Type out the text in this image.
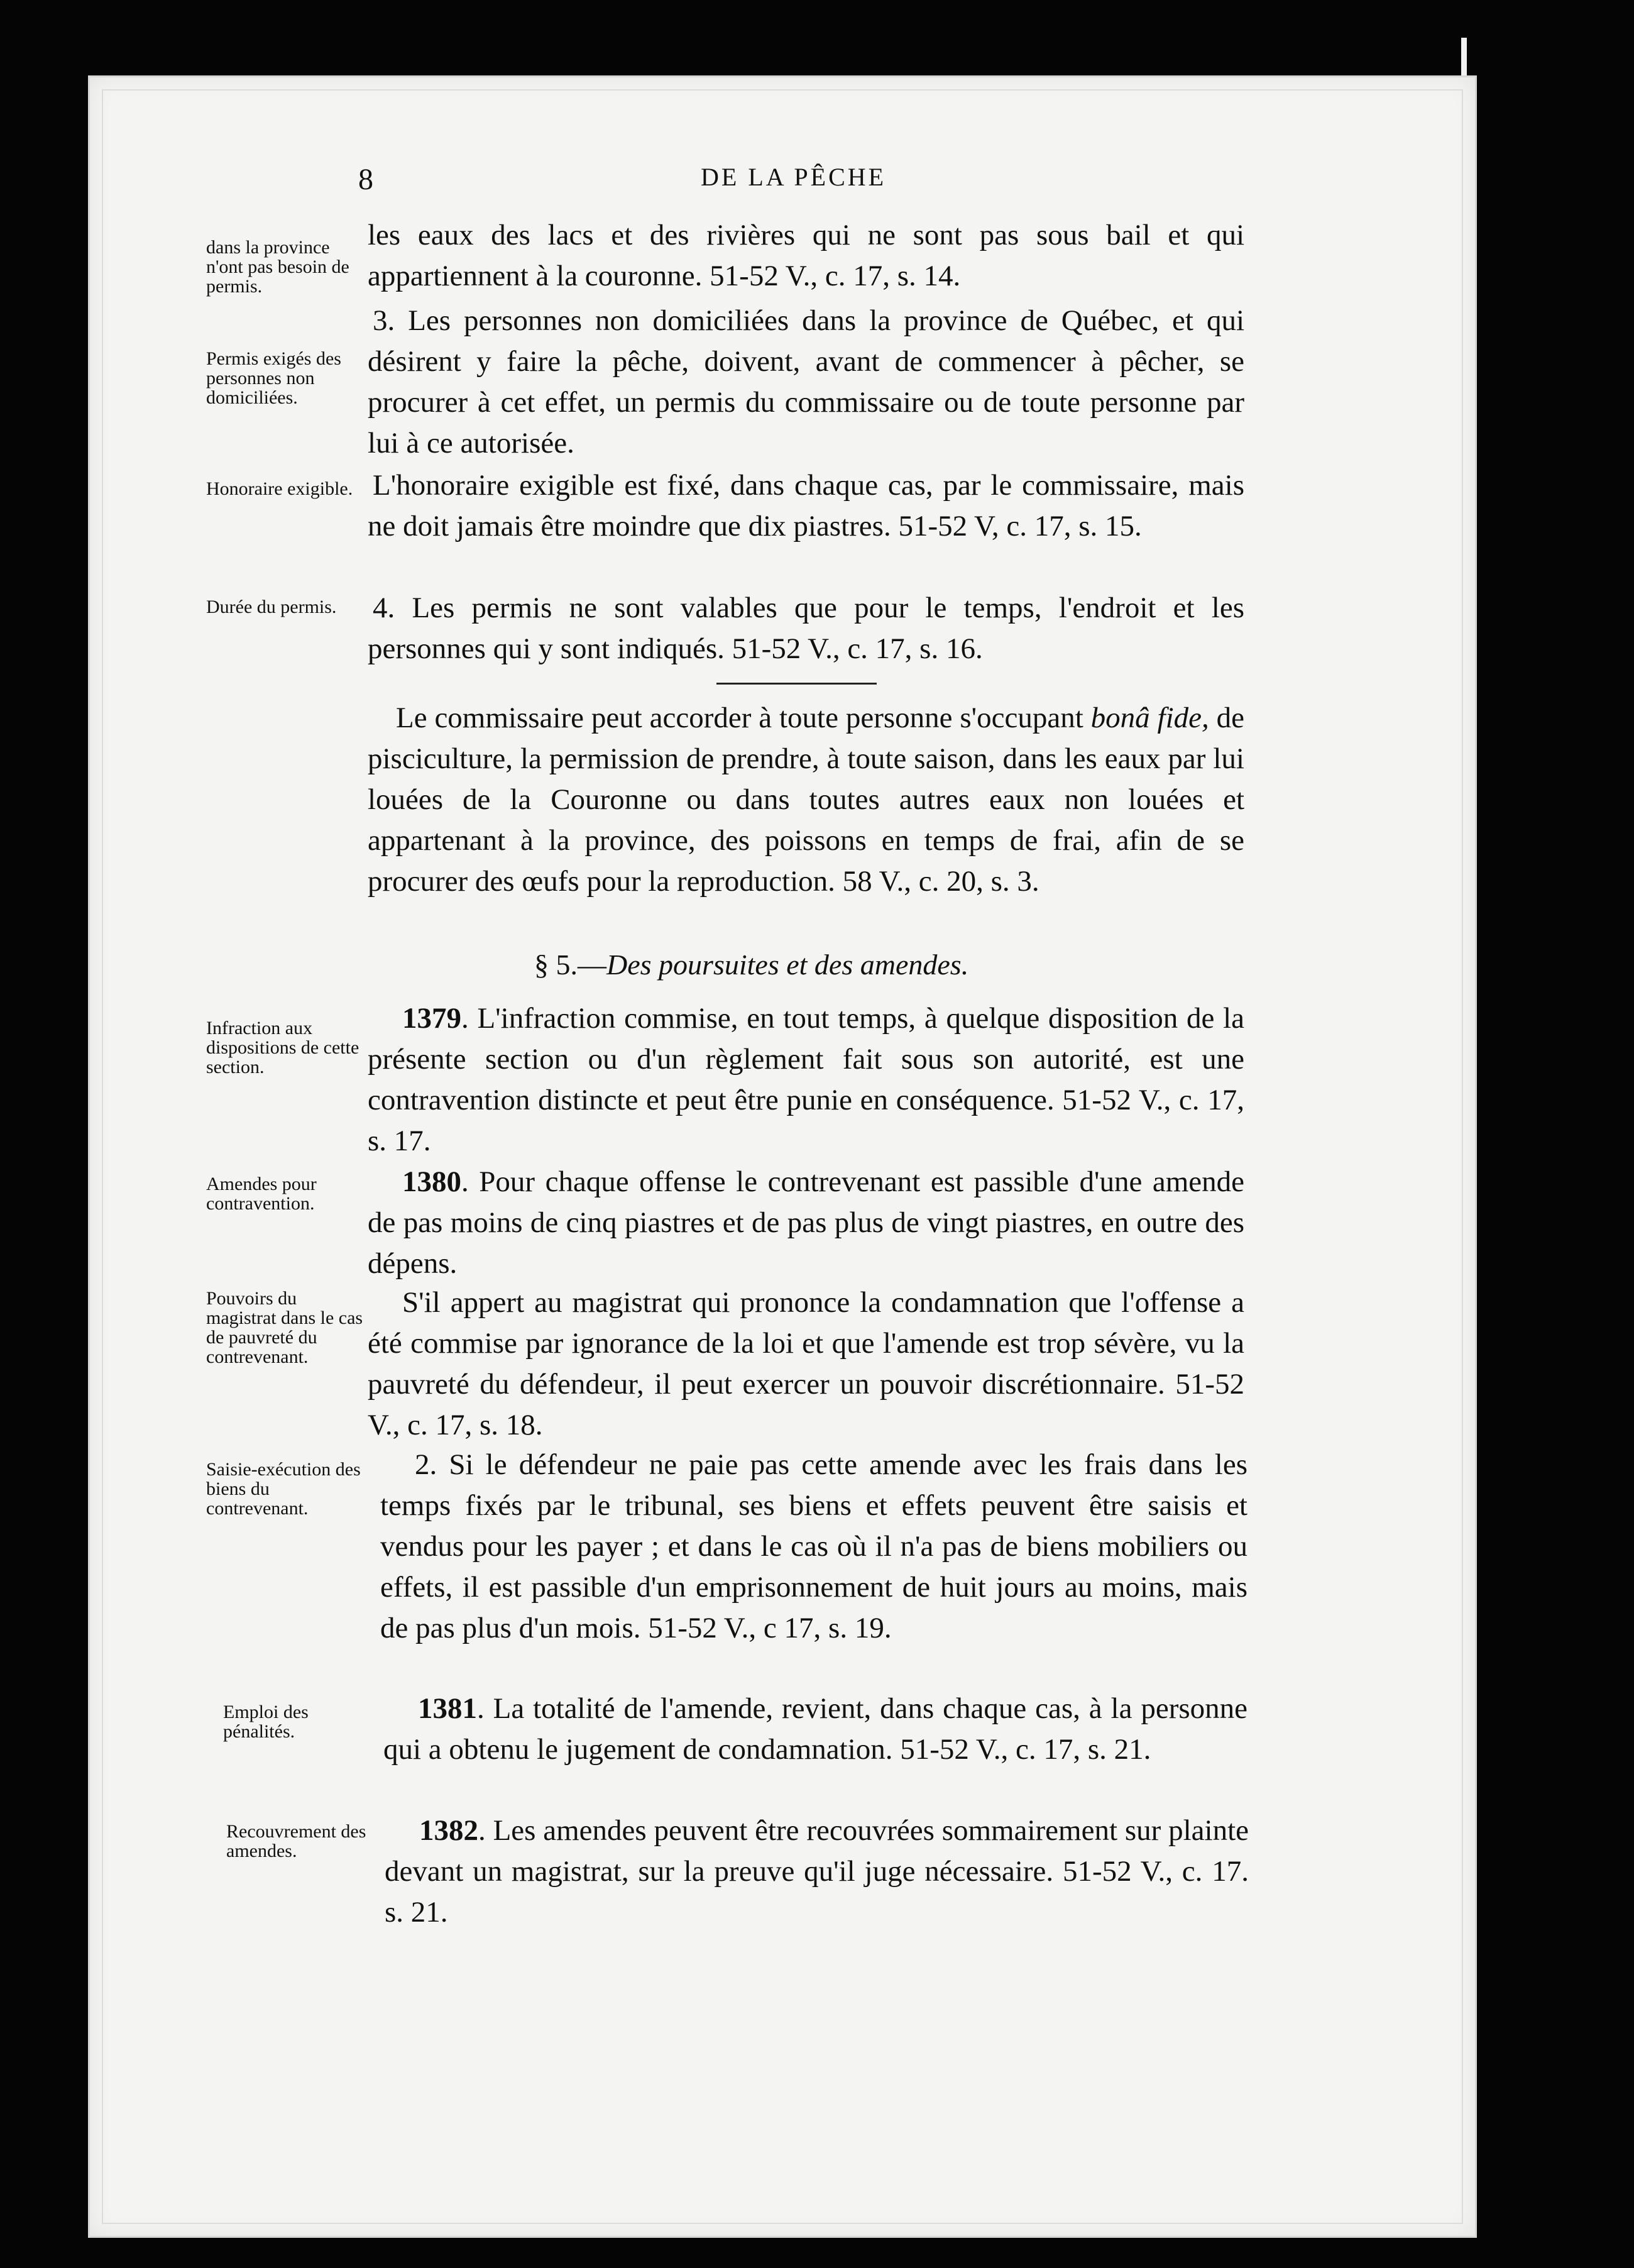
8	DE LA PÊCHE
dans la province n'ont pas besoin de permis.
Permis exigés des personnes non domiciliées.
Honoraire exigible.
Durée du permis.
Infraction aux dispositions de cette section.
Amendes pour contravention.
Pouvoirs du magistrat dans le cas de pauvreté du contrevenant.
Saisie-exécution des biens du contrevenant.
Emploi des pénalités.
Recouvrement des amendes.
les eaux des lacs et des rivières qui ne sont pas sous bail et qui appartiennent à la couronne. 51-52 V., c. 17, s. 14.
3. Les personnes non domiciliées dans la province de Québec, et qui désirent y faire la pêche, doivent, avant de commencer à pêcher, se procurer à cet effet, un permis du commissaire ou de toute personne par lui à ce autorisée.
L'honoraire exigible est fixé, dans chaque cas, par le commissaire, mais ne doit jamais être moindre que dix piastres. 51-52 V, c. 17, s. 15.
4. Les permis ne sont valables que pour le temps, l'endroit et les personnes qui y sont indiqués. 51-52 V., c. 17, s. 16.
Le commissaire peut accorder à toute personne s'occupant bonâ fide, de pisciculture, la permission de prendre, à toute saison, dans les eaux par lui louées de la Couronne ou dans toutes autres eaux non louées et appartenant à la province, des poissons en temps de frai, afin de se procurer des œufs pour la reproduction. 58 V., c. 20, s. 3.
§ 5.—Des poursuites et des amendes.
1379. L'infraction commise, en tout temps, à quelque disposition de la présente section ou d'un règlement fait sous son autorité, est une contravention distincte et peut être punie en conséquence. 51-52 V., c. 17, s. 17.
1380. Pour chaque offense le contrevenant est passible d'une amende de pas moins de cinq piastres et de pas plus de vingt piastres, en outre des dépens.
S'il appert au magistrat qui prononce la condamnation que l'offense a été commise par ignorance de la loi et que l'amende est trop sévère, vu la pauvreté du défendeur, il peut exercer un pouvoir discrétionnaire. 51-52 V., c. 17, s. 18.
2. Si le défendeur ne paie pas cette amende avec les frais dans les temps fixés par le tribunal, ses biens et effets peuvent être saisis et vendus pour les payer ; et dans le cas où il n'a pas de biens mobiliers ou effets, il est passible d'un emprisonnement de huit jours au moins, mais de pas plus d'un mois. 51-52 V., c 17, s. 19.
1381. La totalité de l'amende, revient, dans chaque cas, à la personne qui a obtenu le jugement de condamnation. 51-52 V., c. 17, s. 21.
1382. Les amendes peuvent être recouvrées sommairement sur plainte devant un magistrat, sur la preuve qu'il juge nécessaire. 51-52 V., c. 17. s. 21.
